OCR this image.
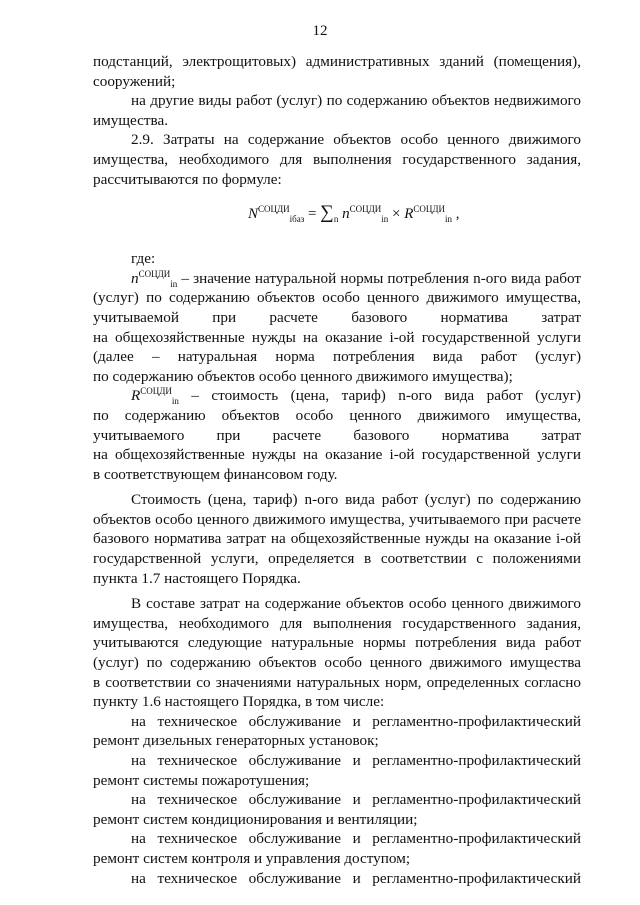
12

подстанций, электрощитовых) административных зданий (помещения),

сооружений;

на другие виды работ (услуг) по содержанию объектов недвижимого

имущества.

2.9. Затраты на содержание объектов особо ценного движимого

имущества, необходимого для выполнения государственного задания,

рассчитываются по формуле:

$N^{СОЦДИ}_{iбаз} = \sum_n$ $n^{СОЦДИ}_{in} \times R^{СОЦДИ}_{in}$ ,

где:

$n^{СОЦДИ}_{in}$ – значение натуральной нормы потребления n-ого вида работ

(услуг) по содержанию объектов особо ценного движимого имущества,

учитываемой при расчете базового норматива затрат

на общехозяйственные нужды на оказание i-ой государственной услуги

(далее – натуральная норма потребления вида работ (услуг)

по содержанию объектов особо ценного движимого имущества);

$R^{СОЦДИ}_{in}$ – стоимость (цена, тариф) n-ого вида работ (услуг)

по содержанию объектов особо ценного движимого имущества,

учитываемого при расчете базового норматива затрат

на общехозяйственные нужды на оказание i-ой государственной услуги

в соответствующем финансовом году.

Стоимость (цена, тариф) n-ого вида работ (услуг) по содержанию

объектов особо ценного движимого имущества, учитываемого при расчете

базового норматива затрат на общехозяйственные нужды на оказание i-ой

государственной услуги, определяется в соответствии с положениями

пункта 1.7 настоящего Порядка.

В составе затрат на содержание объектов особо ценного движимого

имущества, необходимого для выполнения государственного задания,

учитываются следующие натуральные нормы потребления вида работ

(услуг) по содержанию объектов особо ценного движимого имущества

в соответствии со значениями натуральных норм, определенных согласно

пункту 1.6 настоящего Порядка, в том числе:

на техническое обслуживание и регламентно-профилактический

ремонт дизельных генераторных установок;

на техническое обслуживание и регламентно-профилактический

ремонт системы пожаротушения;

на техническое обслуживание и регламентно-профилактический

ремонт систем кондиционирования и вентиляции;

на техническое обслуживание и регламентно-профилактический

ремонт систем контроля и управления доступом;

на техническое обслуживание и регламентно-профилактический
